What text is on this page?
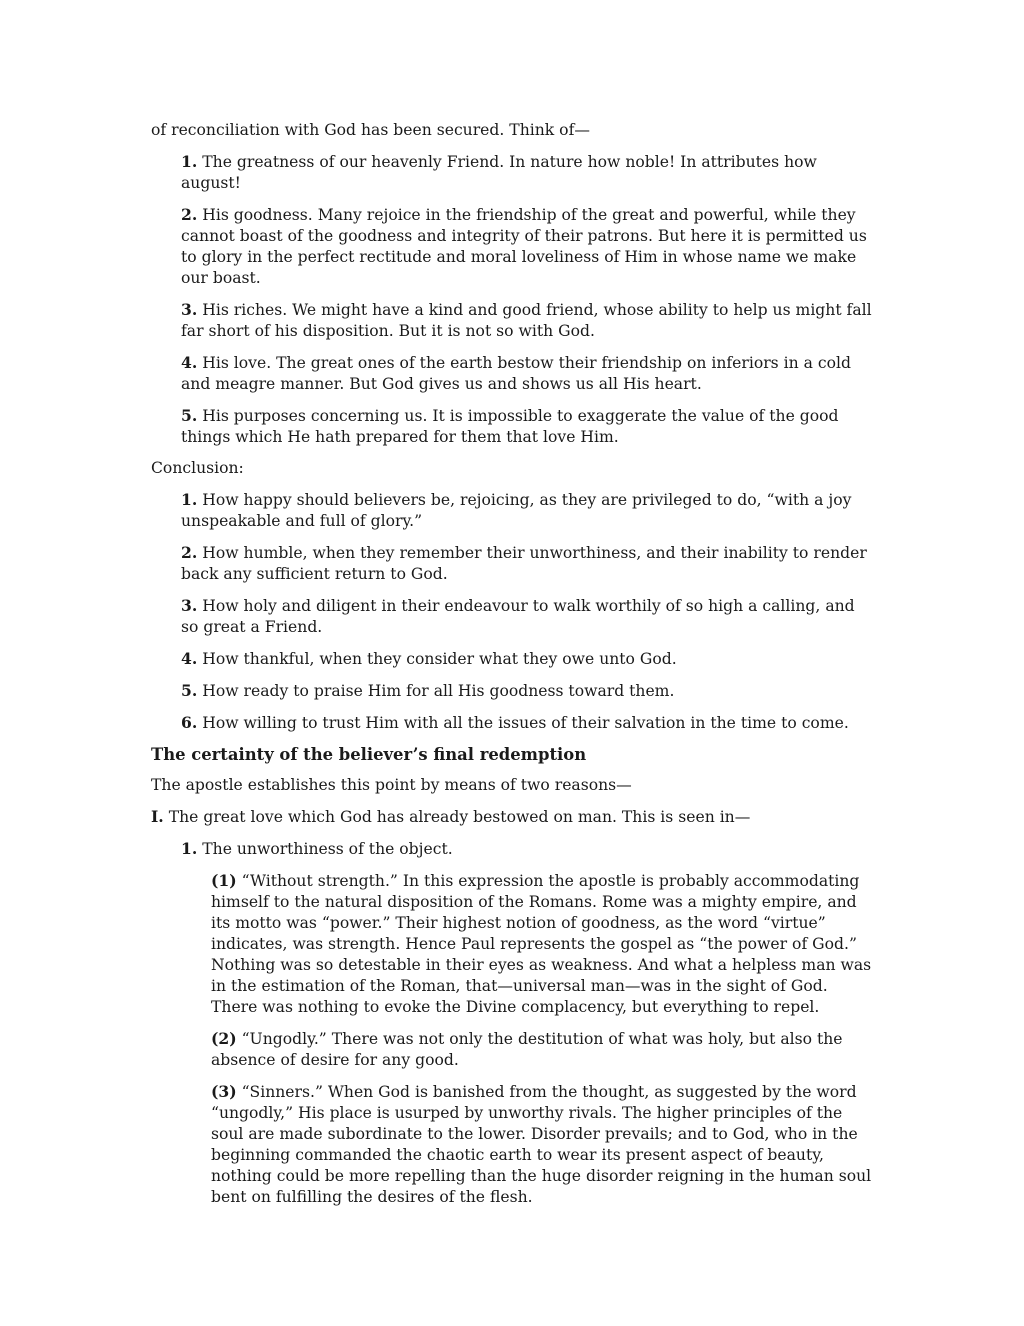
of reconciliation with God has been secured. Think of—

1. The greatness of our heavenly Friend. In nature how noble! In attributes how august!

2. His goodness. Many rejoice in the friendship of the great and powerful, while they cannot boast of the goodness and integrity of their patrons. But here it is permitted us to glory in the perfect rectitude and moral loveliness of Him in whose name we make our boast.

3. His riches. We might have a kind and good friend, whose ability to help us might fall far short of his disposition. But it is not so with God.

4. His love. The great ones of the earth bestow their friendship on inferiors in a cold and meagre manner. But God gives us and shows us all His heart.

5. His purposes concerning us. It is impossible to exaggerate the value of the good things which He hath prepared for them that love Him.

Conclusion:

1. How happy should believers be, rejoicing, as they are privileged to do, “with a joy unspeakable and full of glory.”

2. How humble, when they remember their unworthiness, and their inability to render back any sufficient return to God.

3. How holy and diligent in their endeavour to walk worthily of so high a calling, and so great a Friend.

4. How thankful, when they consider what they owe unto God.

5. How ready to praise Him for all His goodness toward them.

6. How willing to trust Him with all the issues of their salvation in the time to come.

The certainty of the believer’s final redemption

The apostle establishes this point by means of two reasons—

I. The great love which God has already bestowed on man. This is seen in—

1. The unworthiness of the object.

(1) “Without strength.” In this expression the apostle is probably accommodating himself to the natural disposition of the Romans. Rome was a mighty empire, and its motto was “power.” Their highest notion of goodness, as the word “virtue” indicates, was strength. Hence Paul represents the gospel as “the power of God.” Nothing was so detestable in their eyes as weakness. And what a helpless man was in the estimation of the Roman, that—universal man—was in the sight of God. There was nothing to evoke the Divine complacency, but everything to repel.

(2) “Ungodly.” There was not only the destitution of what was holy, but also the absence of desire for any good.

(3) “Sinners.” When God is banished from the thought, as suggested by the word “ungodly,” His place is usurped by unworthy rivals. The higher principles of the soul are made subordinate to the lower. Disorder prevails; and to God, who in the beginning commanded the chaotic earth to wear its present aspect of beauty, nothing could be more repelling than the huge disorder reigning in the human soul bent on fulfilling the desires of the flesh.
